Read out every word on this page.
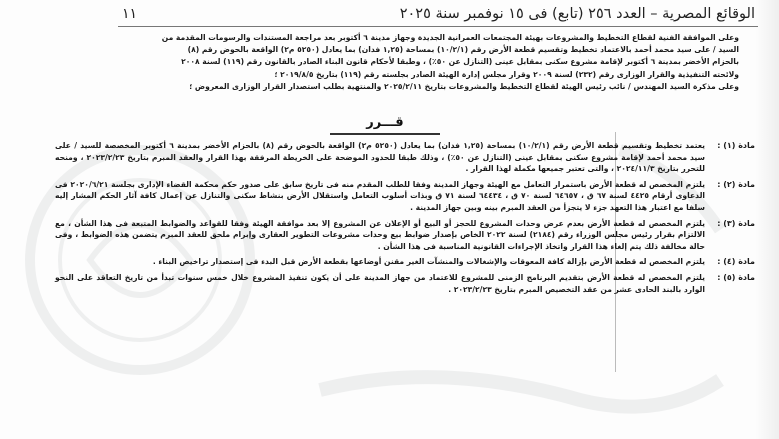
الوقائع المصرية – العدد ٢٥٦ (تابع) فى ١٥ نوفمبر سنة ٢٠٢٥
١١

وعلى الموافقة الفنية لقطاع التخطيط والمشروعات بهيئة المجتمعات العمرانية الجديدة وجهاز مدينة ٦ أكتوبر بعد مراجعة المستندات والرسومات المقدمة من

السيد / على سيد محمد أحمد بالاعتماد تخطيط وتقسيم قطعة الأرض رقم (١٠/٢/١) بمساحة (١,٢٥ فدان) بما يعادل (٥٢٥٠ م٢) الواقعة بالحوض رقم (٨)

بالحزام الأخضر بمدينة ٦ أكتوبر لإقامة مشروع سكنى بمقابل عينى (التنازل عن ٥٠٪) ، وطبقا لأحكام قانون البناء الصادر بالقانون رقم (١١٩) لسنة ٢٠٠٨

ولائحته التنفيذية والقرار الوزارى رقم (٢٣٢) لسنة ٢٠٠٩ وقرار مجلس إدارة الهيئة الصادر بجلسته رقم (١١٩) بتاريخ ٢٠١٩/٨/٥ ؛

وعلى مذكرة السيد المهندس / نائب رئيس الهيئة لقطاع التخطيط والمشروعات بتاريخ ٢٠٢٥/٢/١١ والمنتهية بطلب استصدار القرار الوزارى المعروض ؛

قـــرر
مادة (١) :
يعتمد تخطيط وتقسيم قطعة الأرض رقم (١٠/٢/١) بمساحة (١,٢٥ فدان) بما يعادل (٥٢٥٠ م٢) الواقعة بالحوض رقم (٨) بالحزام الأخضر بمدينة ٦ أكتوبر المخصصة للسيد / على سيد محمد أحمد لإقامة مشروع سكنى بمقابل عينى (التنازل عن ٥٠٪) ، وذلك طبقا للحدود الموضحة على الخريطة المرفقة بهذا القرار والعقد المبرم بتاريخ ٢٠٢٣/٢/٢٣ ، ومنحه للتحرر بتاريخ ٢٠٢٤/١١/٣ ، والتى تعتبر جميعها مكملة لهذا القرار .
مادة (٢) :
يلتزم المخصص له قطعة الأرض باستمرار التعامل مع الهيئة وجهاز المدينة وفقا للطلب المقدم منه فى تاريخ سابق على صدور حكم محكمة القضاء الإدارى بجلسة ٢٠٢٠/٦/٢١ فى الدعاوى أرقام ٤٤٢٥ لسنة ٦٧ ق ، ٦٤٦٥٧ لسنة ٧٠ ق ، ٦٤٤٣٤ لسنة ٧١ ق وبذات أسلوب التعامل واستقلال الأرض بنشاط سكنى والتنازل عن إعمال كافة آثار الحكم المشار إليه سلفا مع اعتبار هذا التعهد جزء لا يتجزأ من العقد المبرم بينه وبين جهاز المدينة .
مادة (٣) :
يلتزم المخصص له قطعة الأرض بعدم عرض وحدات المشروع للحجز أو البيع أو الإعلان عن المشروع إلا بعد موافقة الهيئة وفقا للقواعد والضوابط المتبعة فى هذا الشأن ، مع الالتزام بقرار رئيس مجلس الوزراء رقم (٢١٨٤) لسنة ٢٠٢٢ الخاص بإصدار ضوابط بيع وحدات مشروعات التطوير العقارى وإبرام ملحق للعقد المبرم يتضمن هذه الضوابط ، وفى حالة مخالفة ذلك يتم إلغاء هذا القرار واتخاذ الإجراءات القانونية المناسبة فى هذا الشأن .
مادة (٤) :
يلتزم المخصص له قطعة الأرض بإزالة كافة المعوقات والإشغالات والمنشآت الغير مقنن أوضاعها بقطعة الأرض قبل البدء فى إستصدار تراخيص البناء .
مادة (٥) :
يلتزم المخصص له قطعة الأرض بتقديم البرنامج الزمنى للمشروع للاعتماد من جهاز المدينة على أن يكون تنفيذ المشروع خلال خمس سنوات تبدأ من تاريخ التعاقد على النحو الوارد بالبند الحادى عشر من عقد التخصيص المبرم بتاريخ ٢٠٢٣/٢/٢٣ .
